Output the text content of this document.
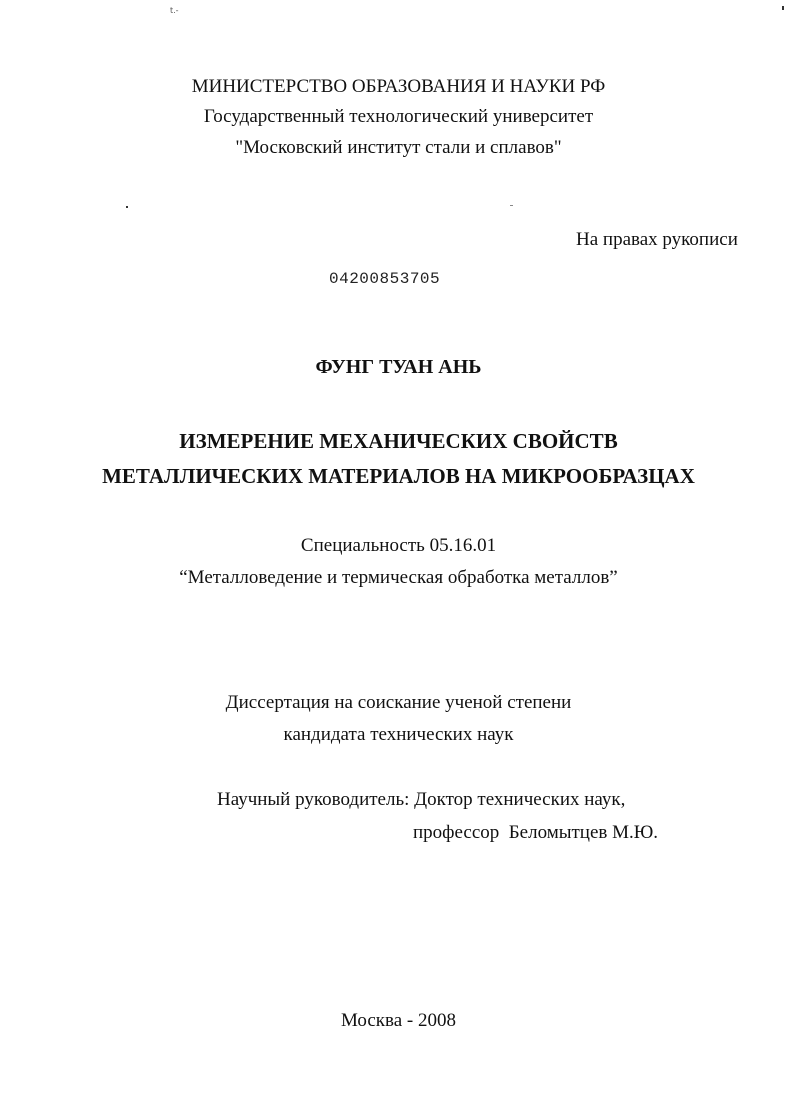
t.-
МИНИСТЕРСТВО ОБРАЗОВАНИЯ И НАУКИ РФ
Государственный технологический университет
"Московский институт стали и сплавов"
На правах рукописи
04200853705
ФУНГ ТУАН АНЬ
ИЗМЕРЕНИЕ МЕХАНИЧЕСКИХ СВОЙСТВ
МЕТАЛЛИЧЕСКИХ МАТЕРИАЛОВ НА МИКРООБРАЗЦАХ
Специальность 05.16.01
“Металловедение и термическая обработка металлов”
Диссертация на соискание ученой степени
кандидата технических наук
Научный руководитель: Доктор технических наук,
профессор  Беломытцев М.Ю.
Москва - 2008
